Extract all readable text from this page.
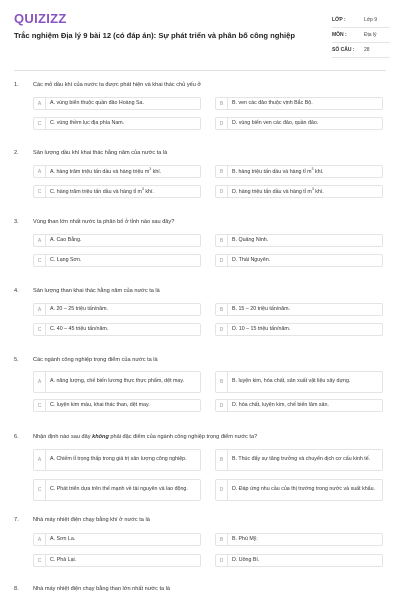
QUIZIZZ
Trắc nghiệm Địa lý 9 bài 12 (có đáp án): Sự phát triển và phân bố công nghiệp
LỚP :	Lớp 9
MÔN :	Địa lý
SỐ CÂU :	28
1.	Các mỏ dầu khí của nước ta được phát hiện và khai thác chủ yếu ở
A	A. vùng biển thuộc quần đảo Hoàng Sa.	B	B. ven các đảo thuộc vịnh Bắc Bộ.
C	C. vùng thềm lục địa phía Nam.	D	D. vùng biển ven các đảo, quần đảo.
2.	Sản lượng dầu khí khai thác hằng năm của nước ta là
A	A. hàng trăm triệu tấn dầu và hàng triệu $m^3$ khí.	B	B. hàng triệu tấn dầu và hàng tỉ $m^3$ khí.
C	C. hàng trăm triệu tấn dầu và hàng tỉ $m^3$ khí.	D	D. hàng triệu tấn dầu và hàng tỉ $m^3$ khí.
3.	Vùng than lớn nhất nước ta phân bố ở tỉnh nào sau đây?
A	A. Cao Bằng.	B	B. Quảng Ninh.
C	C. Lạng Sơn.	D	D. Thái Nguyên.
4.	Sản lượng than khai thác hằng năm của nước ta là
A	A. 20 – 25 triệu tấn/năm.	B	B. 15 – 20 triệu tấn/năm.
C	C. 40 – 45 triệu tấn/năm.	D	D. 10 – 15 triệu tấn/năm.
5.	Các ngành công nghiệp trọng điểm của nước ta là
A	A. năng lượng, chế biến lương thực thực phẩm, dệt may.	B	B. luyện kim, hóa chất, sản xuất vật liệu xây dựng.
C	C. luyện kim màu, khai thác than, dệt may.	D	D. hóa chất, luyện kim, chế biến lâm sản.
6.	Nhận định nào sau đây không phải đặc điểm của ngành công nghiệp trọng điểm nước ta?
A	A. Chiếm tỉ trọng thấp trong giá trị sản lượng công nghiệp.	B	B. Thúc đẩy sự tăng trưởng và chuyển dịch cơ cấu kinh tế.
C	C. Phát triển dựa trên thế mạnh về tài nguyên và lao động.	D	D. Đáp ứng nhu cầu của thị trường trong nước và xuất khẩu.
7.	Nhà máy nhiệt điện chạy bằng khí ở nước ta là
A	A. Sơn La.	B	B. Phú Mỹ.
C	C. Phả Lại.	D	D. Uông Bí.
8.	Nhà máy nhiệt điện chạy bằng than lớn nhất nước ta là
